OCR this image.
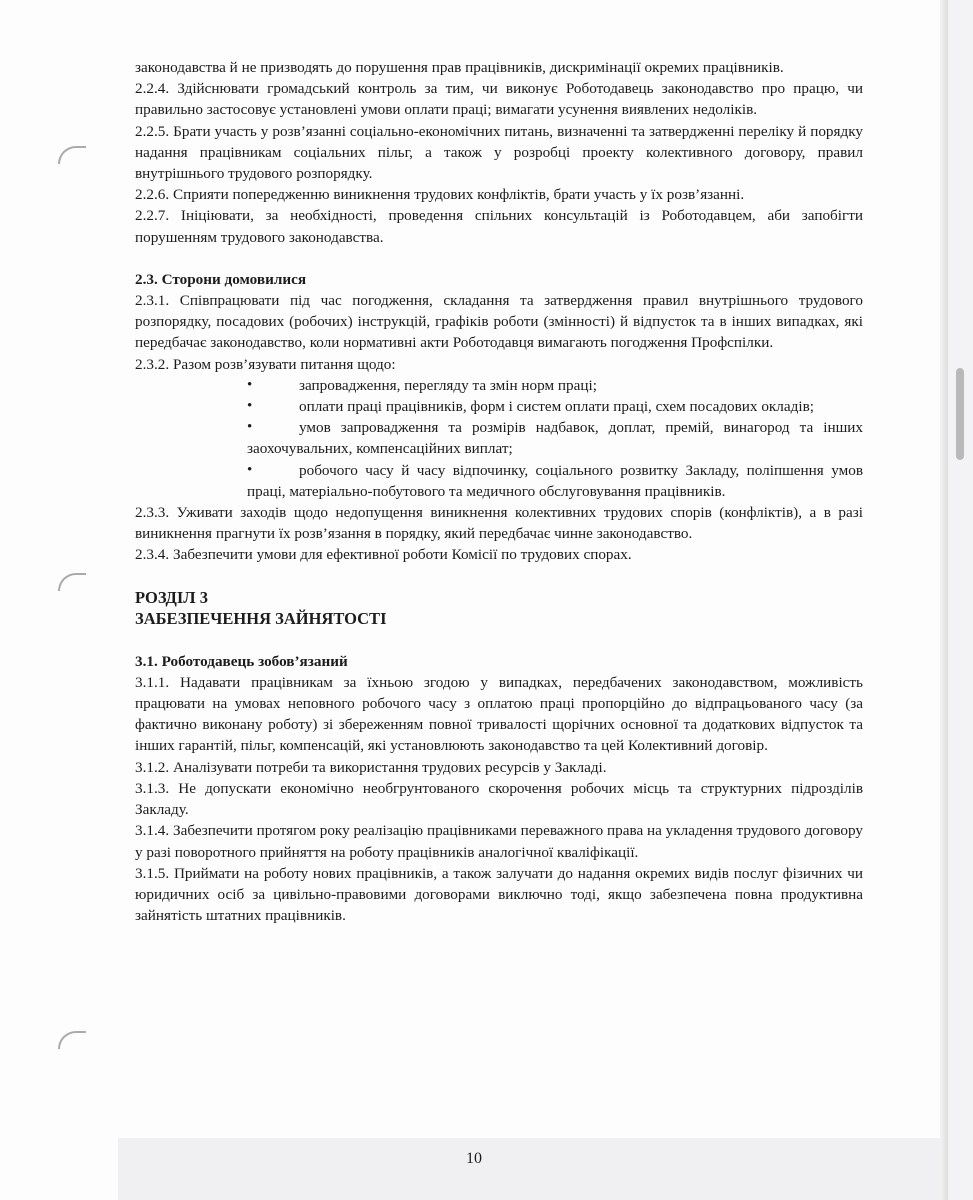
законодавства й не призводять до порушення прав працівників, дискримінації окремих працівників.

2.2.4. Здійснювати громадський контроль за тим, чи виконує Роботодавець законодавство про працю, чи правильно застосовує установлені умови оплати праці; вимагати усунення виявлених недоліків.

2.2.5. Брати участь у розв’язанні соціально-економічних питань, визначенні та затвердженні переліку й порядку надання працівникам соціальних пільг, а також у розробці проекту колективного договору, правил внутрішнього трудового розпорядку.

2.2.6. Сприяти попередженню виникнення трудових конфліктів, брати участь у їх розв’язанні.

2.2.7. Ініціювати, за необхідності, проведення спільних консультацій із Роботодавцем, аби запобігти порушенням трудового законодавства.

2.3. Сторони домовилися

2.3.1. Співпрацювати під час погодження, складання та затвердження правил внутрішнього трудового розпорядку, посадових (робочих) інструкцій, графіків роботи (змінності) й відпусток та в інших випадках, які передбачає законодавство, коли нормативні акти Роботодавця вимагають погодження Профспілки.

2.3.2. Разом розв’язувати питання щодо:

•	запровадження, перегляду та змін норм праці;
•	оплати праці працівників, форм і систем оплати праці, схем посадових окладів;
•	умов запровадження та розмірів надбавок, доплат, премій, винагород та інших заохочувальних, компенсаційних виплат;
•	робочого часу й часу відпочинку, соціального розвитку Закладу, поліпшення умов праці, матеріально-побутового та медичного обслуговування працівників.

2.3.3. Уживати заходів щодо недопущення виникнення колективних трудових спорів (конфліктів), а в разі виникнення прагнути їх розв’язання в порядку, який передбачає чинне законодавство.

2.3.4. Забезпечити умови для ефективної роботи Комісії по трудових спорах.

РОЗДІЛ 3

ЗАБЕЗПЕЧЕННЯ ЗАЙНЯТОСТІ

3.1. Роботодавець зобов’язаний

3.1.1. Надавати працівникам за їхньою згодою у випадках, передбачених законодавством, можливість працювати на умовах неповного робочого часу з оплатою праці пропорційно до відпрацьованого часу (за фактично виконану роботу) зі збереженням повної тривалості щорічних основної та додаткових відпусток та інших гарантій, пільг, компенсацій, які установлюють законодавство та цей Колективний договір.

3.1.2. Аналізувати потреби та використання трудових ресурсів у Закладі.

3.1.3. Не допускати економічно необгрунтованого скорочення робочих місць та структурних підрозділів Закладу.

3.1.4. Забезпечити протягом року реалізацію працівниками переважного права на укладення трудового договору у разі поворотного прийняття на роботу працівників аналогічної кваліфікації.

3.1.5. Приймати на роботу нових працівників, а також залучати до надання окремих видів послуг фізичних чи юридичних осіб за цивільно-правовими договорами виключно тоді, якщо забезпечена повна продуктивна зайнятість штатних працівників.

10
